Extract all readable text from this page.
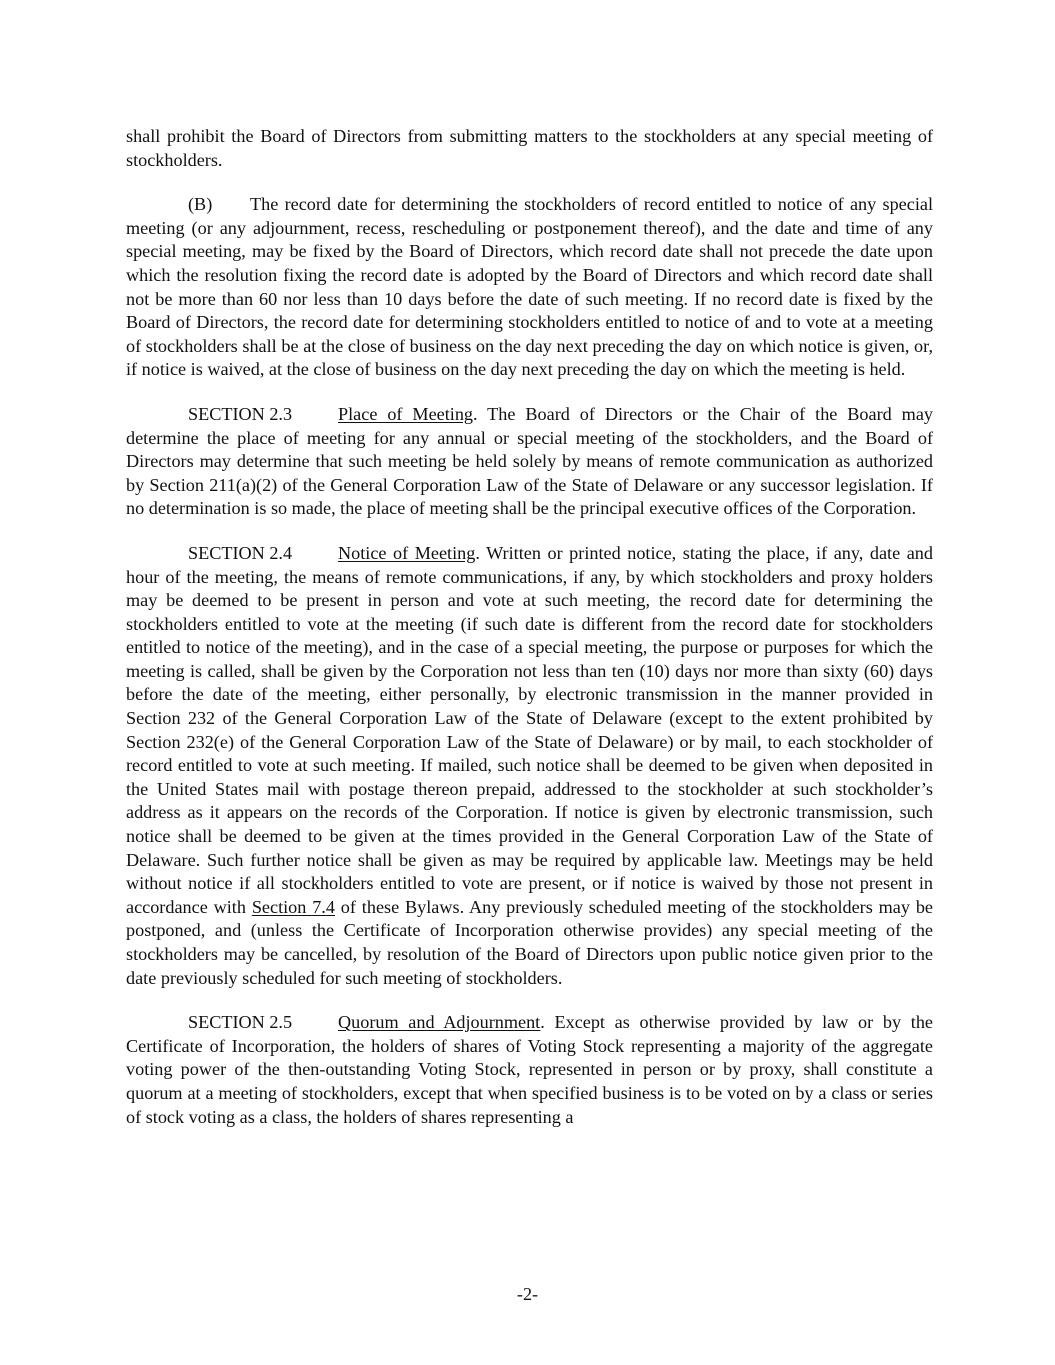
shall prohibit the Board of Directors from submitting matters to the stockholders at any special meeting of stockholders.

(B) The record date for determining the stockholders of record entitled to notice of any special meeting (or any adjournment, recess, rescheduling or postponement thereof), and the date and time of any special meeting, may be fixed by the Board of Directors, which record date shall not precede the date upon which the resolution fixing the record date is adopted by the Board of Directors and which record date shall not be more than 60 nor less than 10 days before the date of such meeting. If no record date is fixed by the Board of Directors, the record date for determining stockholders entitled to notice of and to vote at a meeting of stockholders shall be at the close of business on the day next preceding the day on which notice is given, or, if notice is waived, at the close of business on the day next preceding the day on which the meeting is held.

SECTION 2.3	Place of Meeting. The Board of Directors or the Chair of the Board may determine the place of meeting for any annual or special meeting of the stockholders, and the Board of Directors may determine that such meeting be held solely by means of remote communication as authorized by Section 211(a)(2) of the General Corporation Law of the State of Delaware or any successor legislation. If no determination is so made, the place of meeting shall be the principal executive offices of the Corporation.

SECTION 2.4	Notice of Meeting. Written or printed notice, stating the place, if any, date and hour of the meeting, the means of remote communications, if any, by which stockholders and proxy holders may be deemed to be present in person and vote at such meeting, the record date for determining the stockholders entitled to vote at the meeting (if such date is different from the record date for stockholders entitled to notice of the meeting), and in the case of a special meeting, the purpose or purposes for which the meeting is called, shall be given by the Corporation not less than ten (10) days nor more than sixty (60) days before the date of the meeting, either personally, by electronic transmission in the manner provided in Section 232 of the General Corporation Law of the State of Delaware (except to the extent prohibited by Section 232(e) of the General Corporation Law of the State of Delaware) or by mail, to each stockholder of record entitled to vote at such meeting. If mailed, such notice shall be deemed to be given when deposited in the United States mail with postage thereon prepaid, addressed to the stockholder at such stockholder’s address as it appears on the records of the Corporation. If notice is given by electronic transmission, such notice shall be deemed to be given at the times provided in the General Corporation Law of the State of Delaware. Such further notice shall be given as may be required by applicable law. Meetings may be held without notice if all stockholders entitled to vote are present, or if notice is waived by those not present in accordance with Section 7.4 of these Bylaws. Any previously scheduled meeting of the stockholders may be postponed, and (unless the Certificate of Incorporation otherwise provides) any special meeting of the stockholders may be cancelled, by resolution of the Board of Directors upon public notice given prior to the date previously scheduled for such meeting of stockholders.

SECTION 2.5	Quorum and Adjournment. Except as otherwise provided by law or by the Certificate of Incorporation, the holders of shares of Voting Stock representing a majority of the aggregate voting power of the then-outstanding Voting Stock, represented in person or by proxy, shall constitute a quorum at a meeting of stockholders, except that when specified business is to be voted on by a class or series of stock voting as a class, the holders of shares representing a

-2-
